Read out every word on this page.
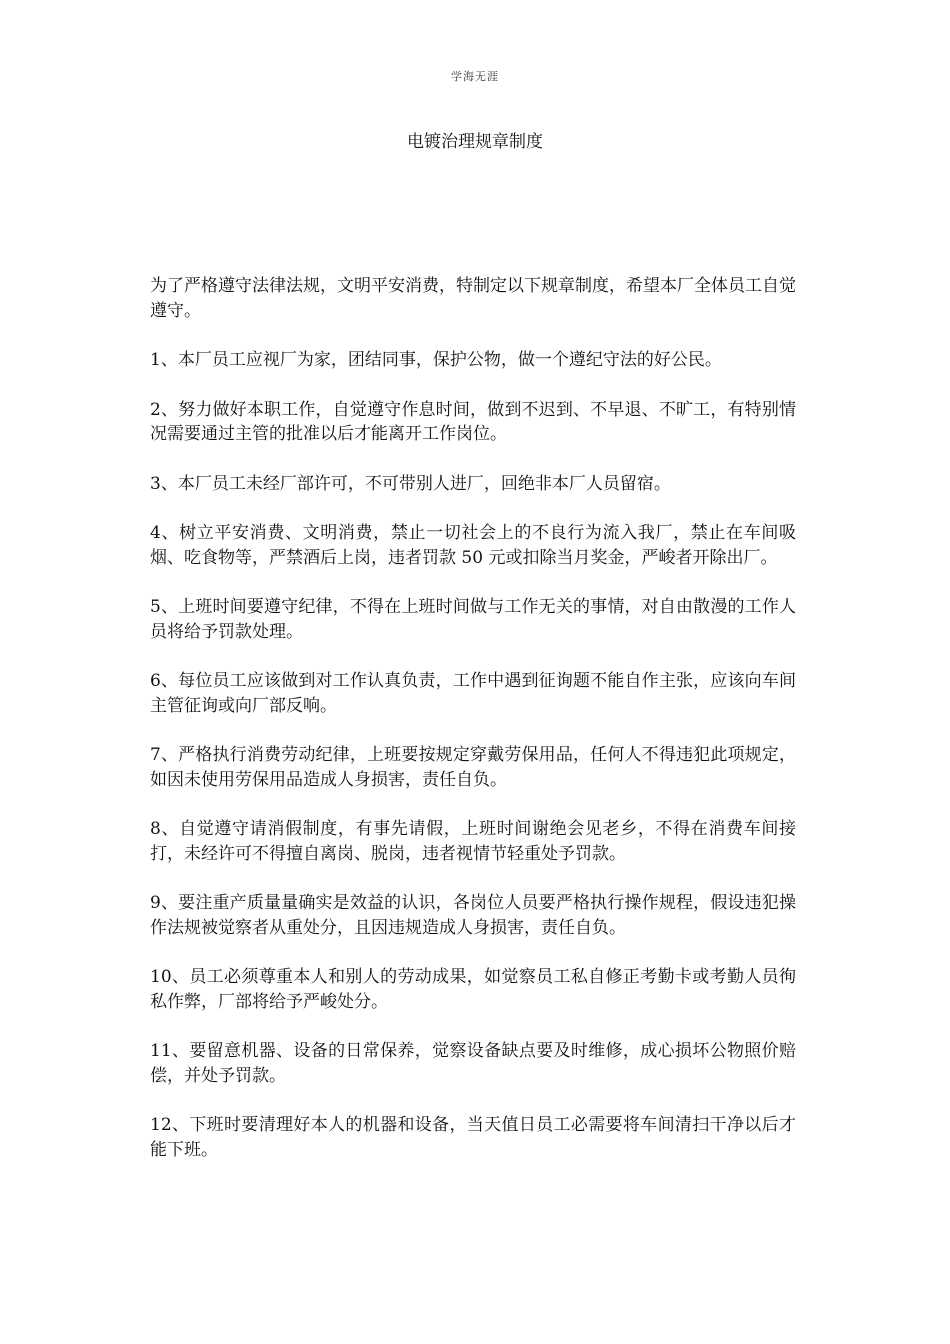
学海无涯
电镀治理规章制度

为了严格遵守法律法规，文明平安消费，特制定以下规章制度，希望本厂全体员工自觉遵守。

1、本厂员工应视厂为家，团结同事，保护公物，做一个遵纪守法的好公民。

2、努力做好本职工作，自觉遵守作息时间，做到不迟到、不早退、不旷工，有特别情况需要通过主管的批准以后才能离开工作岗位。

3、本厂员工未经厂部许可，不可带别人进厂，回绝非本厂人员留宿。

4、树立平安消费、文明消费，禁止一切社会上的不良行为流入我厂，禁止在车间吸烟、吃食物等，严禁酒后上岗，违者罚款 50 元或扣除当月奖金，严峻者开除出厂。

5、上班时间要遵守纪律，不得在上班时间做与工作无关的事情，对自由散漫的工作人员将给予罚款处理。

6、每位员工应该做到对工作认真负责，工作中遇到征询题不能自作主张，应该向车间主管征询或向厂部反响。

7、严格执行消费劳动纪律，上班要按规定穿戴劳保用品，任何人不得违犯此项规定，如因未使用劳保用品造成人身损害，责任自负。

8、自觉遵守请消假制度，有事先请假，上班时间谢绝会见老乡，不得在消费车间接打，未经许可不得擅自离岗、脱岗，违者视情节轻重处予罚款。

9、要注重产质量量确实是效益的认识，各岗位人员要严格执行操作规程，假设违犯操作法规被觉察者从重处分，且因违规造成人身损害，责任自负。

10、员工必须尊重本人和别人的劳动成果，如觉察员工私自修正考勤卡或考勤人员徇私作弊，厂部将给予严峻处分。

11、要留意机器、设备的日常保养，觉察设备缺点要及时维修，成心损坏公物照价赔偿，并处予罚款。

12、下班时要清理好本人的机器和设备，当天值日员工必需要将车间清扫干净以后才能下班。
